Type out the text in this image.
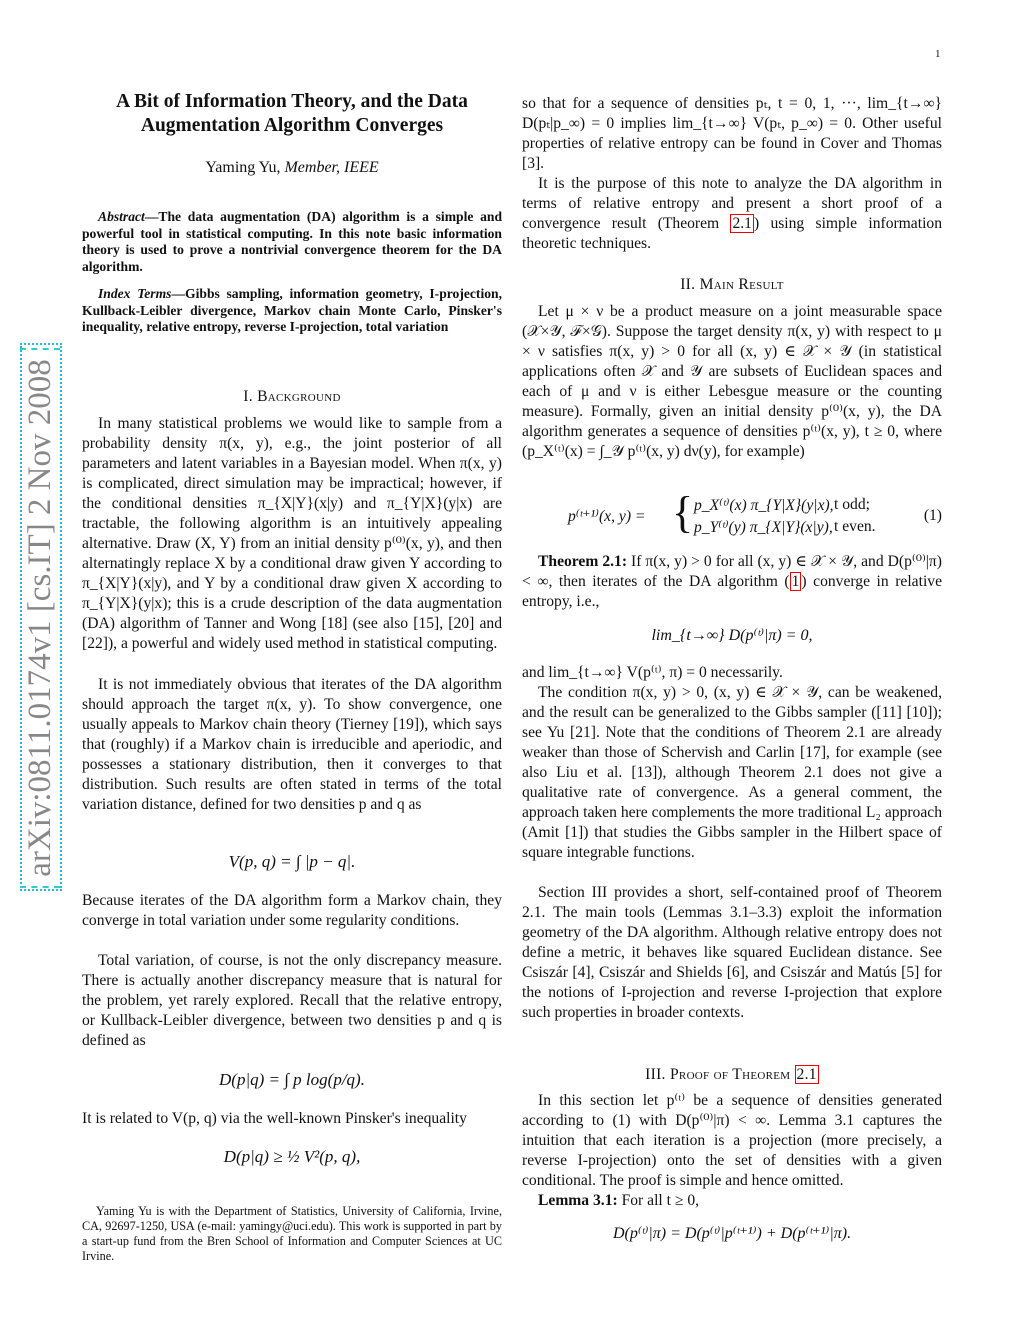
1
arXiv:0811.0174v1 [cs.IT] 2 Nov 2008
A Bit of Information Theory, and the Data
Augmentation Algorithm Converges
Yaming Yu, Member, IEEE
Abstract—The data augmentation (DA) algorithm is a simple and powerful tool in statistical computing. In this note basic information theory is used to prove a nontrivial convergence theorem for the DA algorithm.
Index Terms—Gibbs sampling, information geometry, I-projection, Kullback-Leibler divergence, Markov chain Monte Carlo, Pinsker's inequality, relative entropy, reverse I-projection, total variation
I. Background

In many statistical problems we would like to sample from a probability density π(x, y), e.g., the joint posterior of all parameters and latent variables in a Bayesian model. When π(x, y) is complicated, direct simulation may be impractical; however, if the conditional densities π_{X|Y}(x|y) and π_{Y|X}(y|x) are tractable, the following algorithm is an intuitively appealing alternative. Draw (X, Y) from an initial density p⁽⁰⁾(x, y), and then alternatingly replace X by a conditional draw given Y according to π_{X|Y}(x|y), and Y by a conditional draw given X according to π_{Y|X}(y|x); this is a crude description of the data augmentation (DA) algorithm of Tanner and Wong [18] (see also [15], [20] and [22]), a powerful and widely used method in statistical computing.

It is not immediately obvious that iterates of the DA algorithm should approach the target π(x, y). To show convergence, one usually appeals to Markov chain theory (Tierney [19]), which says that (roughly) if a Markov chain is irreducible and aperiodic, and possesses a stationary distribution, then it converges to that distribution. Such results are often stated in terms of the total variation distance, defined for two densities p and q as

V(p, q) = ∫ |p − q|.

Because iterates of the DA algorithm form a Markov chain, they converge in total variation under some regularity conditions.

Total variation, of course, is not the only discrepancy measure. There is actually another discrepancy measure that is natural for the problem, yet rarely explored. Recall that the relative entropy, or Kullback-Leibler divergence, between two densities p and q is defined as

D(p|q) = ∫ p log(p/q).

It is related to V(p, q) via the well-known Pinsker's inequality

D(p|q) ≥ ½ V²(p, q),

Yaming Yu is with the Department of Statistics, University of California, Irvine, CA, 92697-1250, USA (e-mail: yamingy@uci.edu). This work is supported in part by a start-up fund from the Bren School of Information and Computer Sciences at UC Irvine.

so that for a sequence of densities pₜ, t = 0, 1, ···, lim_{t→∞} D(pₜ|p_∞) = 0 implies lim_{t→∞} V(pₜ, p_∞) = 0. Other useful properties of relative entropy can be found in Cover and Thomas [3].

It is the purpose of this note to analyze the DA algorithm in terms of relative entropy and present a short proof of a convergence result (Theorem 2.1 ) using simple information theoretic techniques.

II. Main Result

Let μ × ν be a product measure on a joint measurable space (𝒳×𝒴, ℱ×𝒢). Suppose the target density π(x, y) with respect to μ × ν satisfies π(x, y) > 0 for all (x, y) ∈ 𝒳 × 𝒴 (in statistical applications often 𝒳 and 𝒴 are subsets of Euclidean spaces and each of μ and ν is either Lebesgue measure or the counting measure). Formally, given an initial density p⁽⁰⁾(x, y), the DA algorithm generates a sequence of densities p⁽ᵗ⁾(x, y), t ≥ 0, where (p_X⁽ᵗ⁾(x) = ∫_𝒴 p⁽ᵗ⁾(x, y) dν(y), for example)

p⁽ᵗ⁺¹⁾(x, y) = { p_X⁽ᵗ⁾(x) π_{Y|X}(y|x), t odd;
p_Y⁽ᵗ⁾(y) π_{X|Y}(x|y), t even.
(1)

Theorem 2.1: If π(x, y) > 0 for all (x, y) ∈ 𝒳 × 𝒴, and D(p⁽⁰⁾|π) < ∞, then iterates of the DA algorithm ( 1 ) converge in relative entropy, i.e.,

lim_{t→∞} D(p⁽ᵗ⁾|π) = 0,

and lim_{t→∞} V(p⁽ᵗ⁾, π) = 0 necessarily.

The condition π(x, y) > 0, (x, y) ∈ 𝒳 × 𝒴, can be weakened, and the result can be generalized to the Gibbs sampler ([11] [10]); see Yu [21]. Note that the conditions of Theorem 2.1 are already weaker than those of Schervish and Carlin [17], for example (see also Liu et al. [13]), although Theorem 2.1 does not give a qualitative rate of convergence. As a general comment, the approach taken here complements the more traditional L₂ approach (Amit [1]) that studies the Gibbs sampler in the Hilbert space of square integrable functions.

Section III provides a short, self-contained proof of Theorem 2.1. The main tools (Lemmas 3.1–3.3) exploit the information geometry of the DA algorithm. Although relative entropy does not define a metric, it behaves like squared Euclidean distance. See Csiszár [4], Csiszár and Shields [6], and Csiszár and Matús [5] for the notions of I-projection and reverse I-projection that explore such properties in broader contexts.

III. Proof of Theorem 2.1

In this section let p⁽ᵗ⁾ be a sequence of densities generated according to (1) with D(p⁽⁰⁾|π) < ∞. Lemma 3.1 captures the intuition that each iteration is a projection (more precisely, a reverse I-projection) onto the set of densities with a given conditional. The proof is simple and hence omitted.

Lemma 3.1: For all t ≥ 0,

D(p⁽ᵗ⁾|π) = D(p⁽ᵗ⁾|p⁽ᵗ⁺¹⁾) + D(p⁽ᵗ⁺¹⁾|π).
